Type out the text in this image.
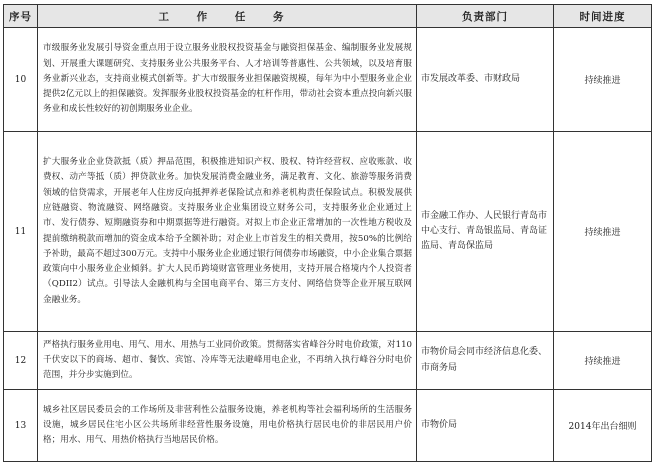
序号	工 作 任 务	负责部门	时间进度
10	市级服务业发展引导资金重点用于设立服务业股权投资基金与融资担保基金、编制服务业发展规划、开展重大课题研究、支持服务业公共服务平台、人才培训等普惠性、公共领域，以及培育服务业新兴业态，支持商业模式创新等。扩大市级服务业担保融资规模，每年为中小型服务业企业提供2亿元以上的担保融资。发挥服务业股权投资基金的杠杆作用，带动社会资本重点投向新兴服务业和成长性较好的初创期服务业企业。	市发展改革委、市财政局	持续推进
11	扩大服务业企业贷款抵（质）押品范围，积极推进知识产权、股权、特许经营权、应收账款、收费权、动产等抵（质）押贷款业务。加快发展消费金融业务，满足教育、文化、旅游等服务消费领域的信贷需求，开展老年人住房反向抵押养老保险试点和养老机构责任保险试点。积极发展供应链融资、物流融资、网络融资。支持服务业企业集团设立财务公司，支持服务业企业通过上市、发行债券、短期融资券和中期票据等进行融资。对拟上市企业正常增加的一次性地方税收及提前缴纳税款而增加的资金成本给予全额补助；对企业上市首发生的相关费用，按50%的比例给予补助，最高不超过300万元。支持中小服务业企业通过银行间债券市场融资，中小企业集合票据政策向中小服务业企业倾斜。扩大人民币跨境财富管理业务使用，支持开展合格境内个人投资者（QDII2）试点。引导法人金融机构与全国电商平台、第三方支付、网络信贷等企业开展互联网金融业务。	市金融工作办、人民银行青岛市中心支行、青岛银监局、青岛证监局、青岛保监局	持续推进
12	严格执行服务业用电、用气、用水、用热与工业同价政策。贯彻落实省峰谷分时电价政策，对110千伏安以下的商场、超市、餐饮、宾馆、冷库等无法避峰用电企业，不再纳入执行峰谷分时电价范围，并分步实施到位。	市物价局会同市经济信息化委、市商务局	持续推进
13	城乡社区居民委员会的工作场所及非营利性公益服务设施，养老机构等社会福利场所的生活服务设施，城乡居民住宅小区公共场所非经营性服务设施，用电价格执行居民电价的非居民用户价格；用水、用气、用热价格执行当地居民价格。	市物价局	2014年出台细则
